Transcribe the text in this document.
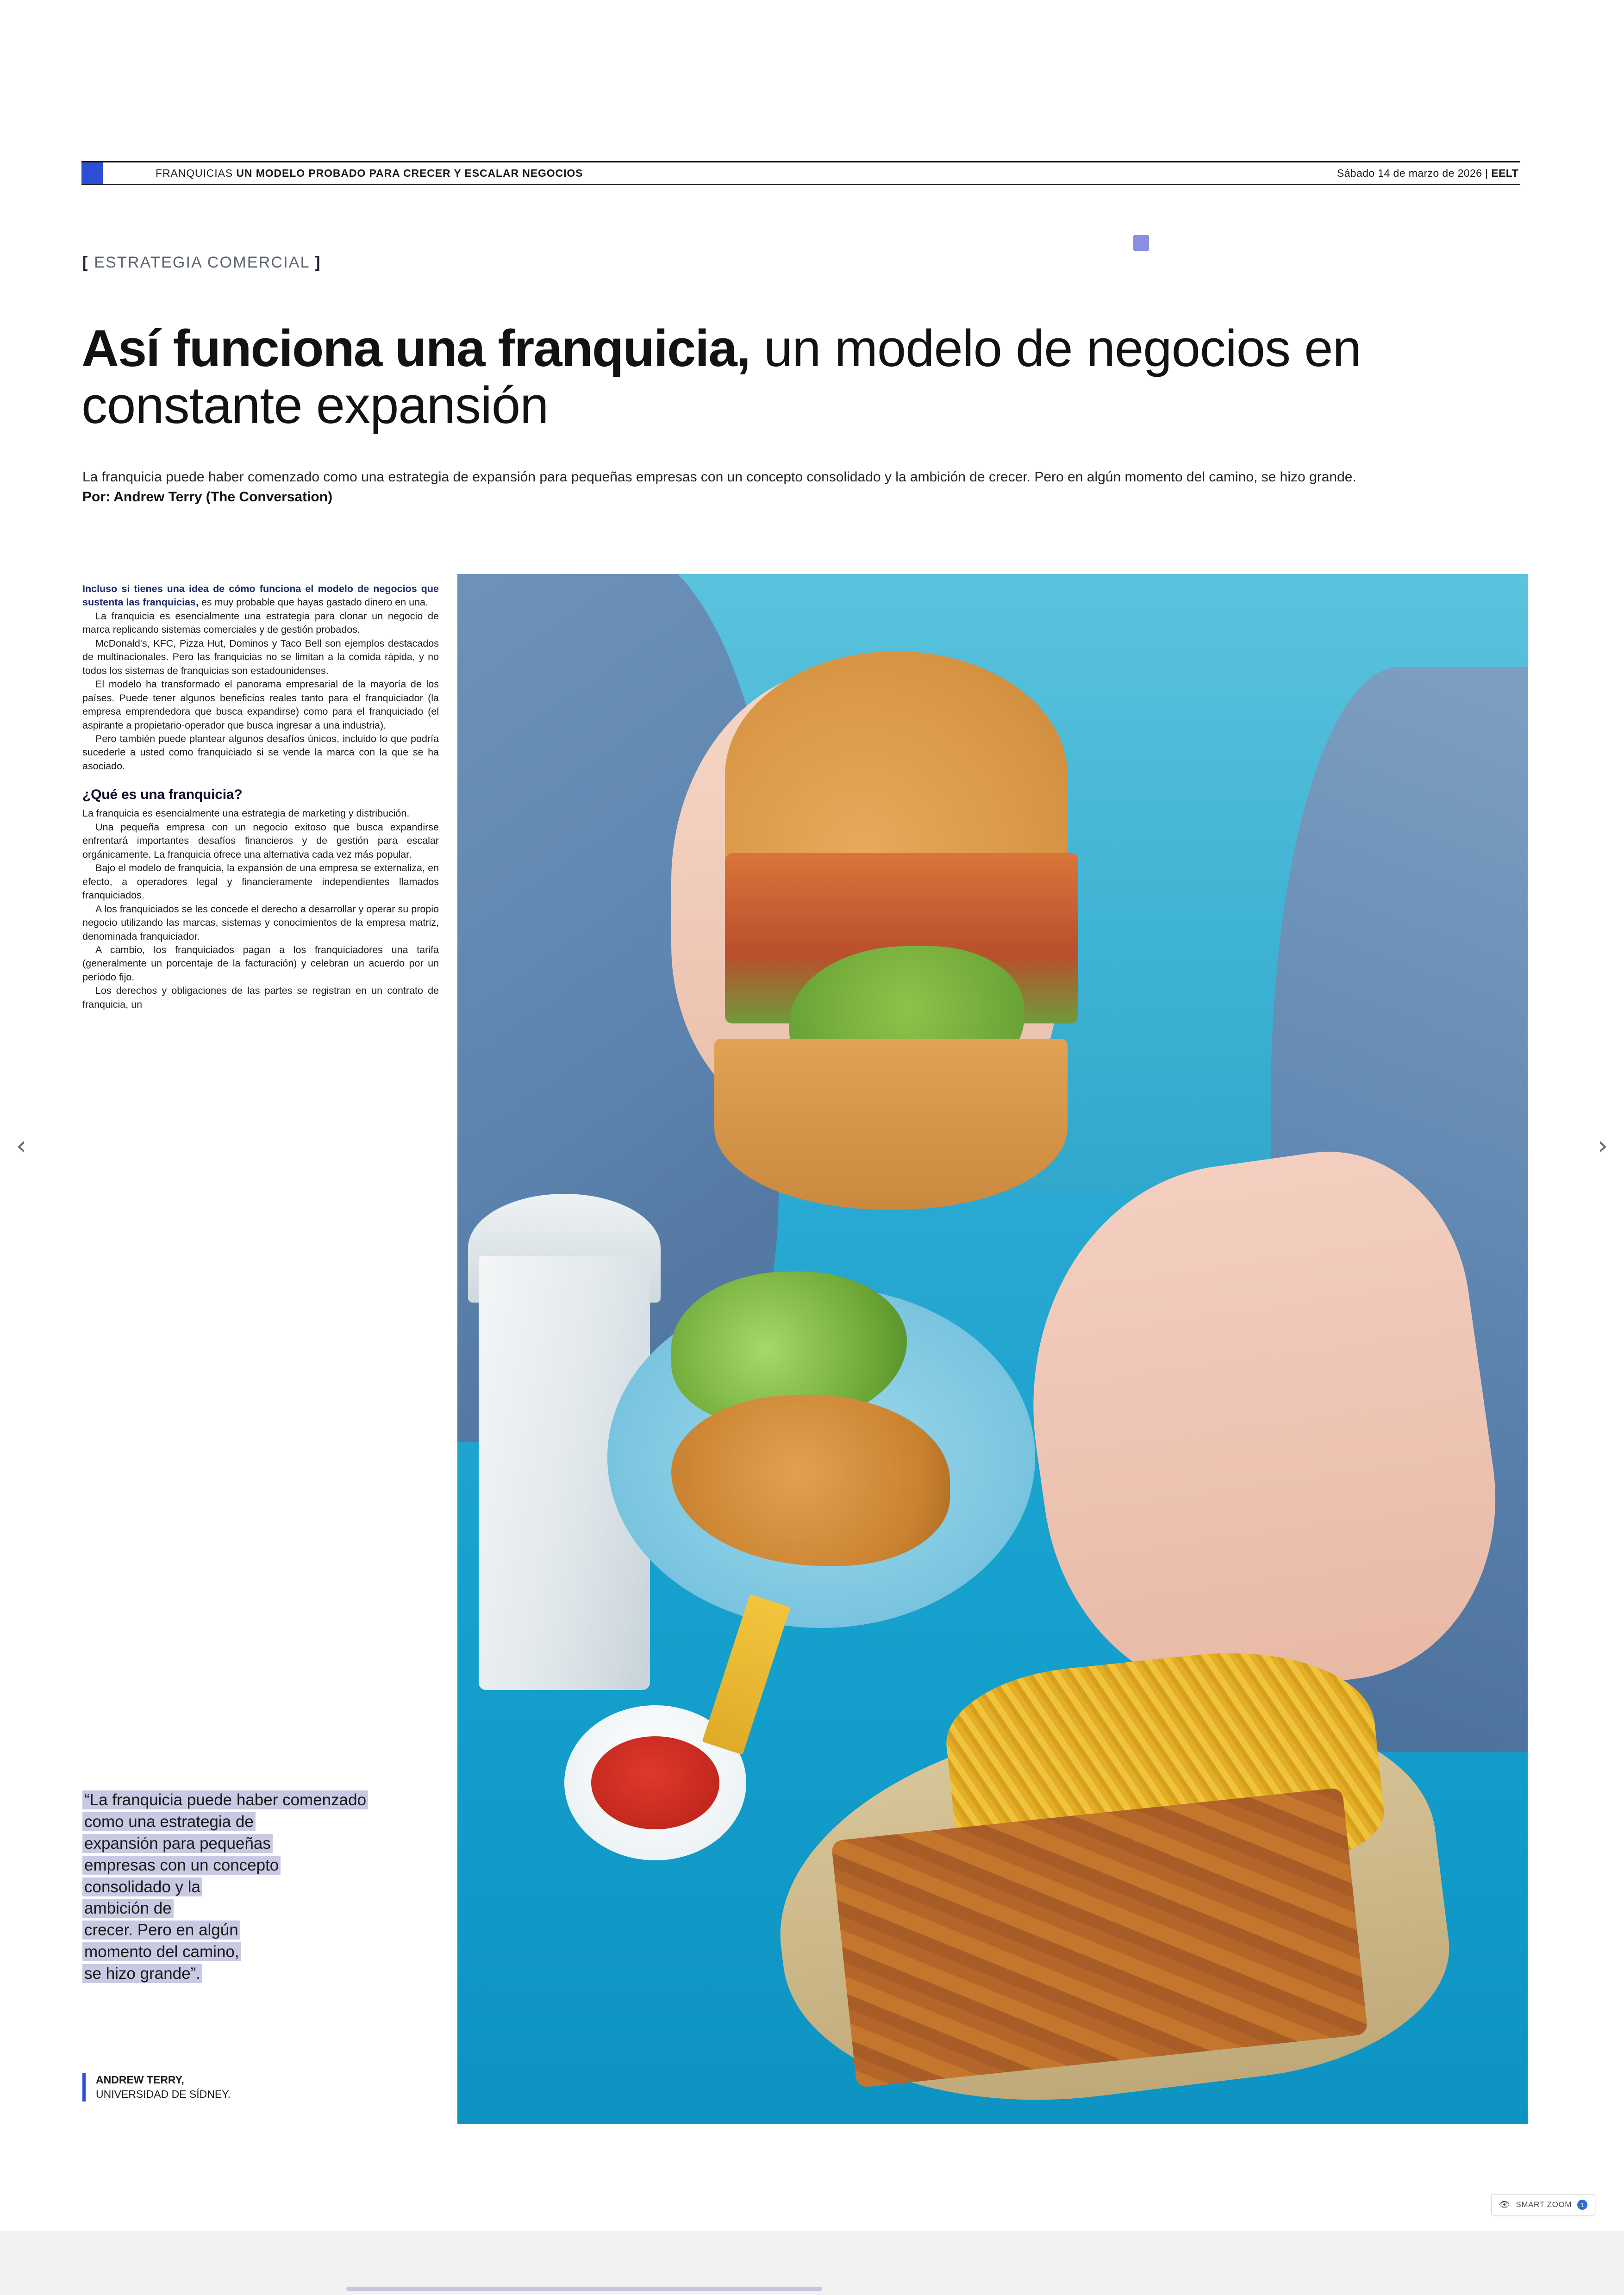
FRANQUICIAS UN MODELO PROBADO PARA CRECER Y ESCALAR NEGOCIOS	Sábado 14 de marzo de 2026 | EELT
[ ESTRATEGIA COMERCIAL ]
Así funciona una franquicia, un modelo de negocios en constante expansión
La franquicia puede haber comenzado como una estrategia de expansión para pequeñas empresas con un concepto consolidado y la ambición de crecer. Pero en algún momento del camino, se hizo grande. Por: Andrew Terry (The Conversation)

Incluso si tienes una idea de cómo funciona el modelo de negocios que sustenta las franquicias, es muy probable que hayas gastado dinero en una.

La franquicia es esencialmente una estrategia para clonar un negocio de marca replicando sistemas comerciales y de gestión probados.

McDonald's, KFC, Pizza Hut, Dominos y Taco Bell son ejemplos destacados de multinacionales. Pero las franquicias no se limitan a la comida rápida, y no todos los sistemas de franquicias son estadounidenses.

El modelo ha transformado el panorama empresarial de la mayoría de los países. Puede tener algunos beneficios reales tanto para el franquiciador (la empresa emprendedora que busca expandirse) como para el franquiciado (el aspirante a propietario-operador que busca ingresar a una industria).

Pero también puede plantear algunos desafíos únicos, incluido lo que podría sucederle a usted como franquiciado si se vende la marca con la que se ha asociado.

¿Qué es una franquicia?

La franquicia es esencialmente una estrategia de marketing y distribución.

Una pequeña empresa con un negocio exitoso que busca expandirse enfrentará importantes desafíos financieros y de gestión para escalar orgánicamente. La franquicia ofrece una alternativa cada vez más popular.

Bajo el modelo de franquicia, la expansión de una empresa se externaliza, en efecto, a operadores legal y financieramente independientes llamados franquiciados.

A los franquiciados se les concede el derecho a desarrollar y operar su propio negocio utilizando las marcas, sistemas y conocimientos de la empresa matriz, denominada franquiciador.

A cambio, los franquiciados pagan a los franquiciadores una tarifa (generalmente un porcentaje de la facturación) y celebran un acuerdo por un período fijo.

Los derechos y obligaciones de las partes se registran en un contrato de franquicia, un

“La franquicia puede haber comenzado
como una estrategia de
expansión para pequeñas
empresas con un concepto
consolidado y la
ambición de
crecer. Pero en algún
momento del camino,
se hizo grande”.
ANDREW TERRY,
UNIVERSIDAD DE SÍDNEY.
‹	›
👁 SMART ZOOM	1
